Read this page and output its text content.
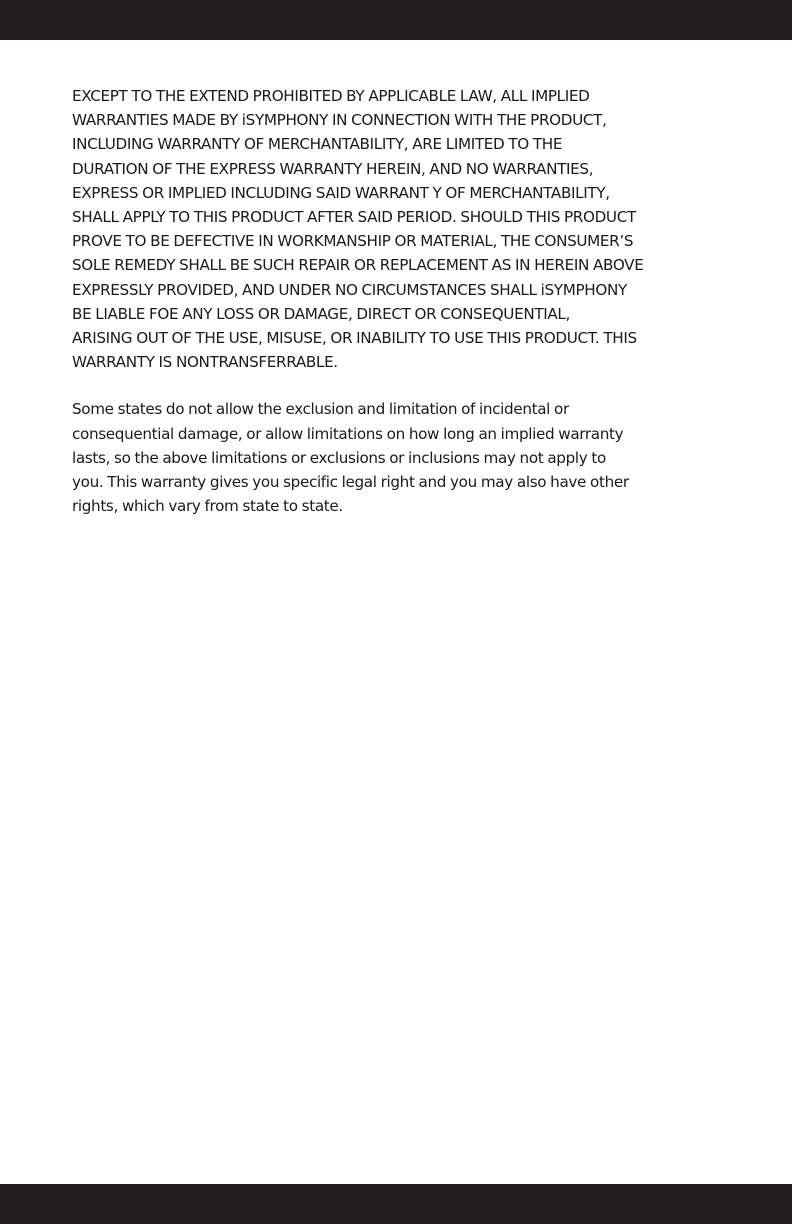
EXCEPT TO THE EXTEND PROHIBITED BY APPLICABLE LAW, ALL IMPLIED
WARRANTIES MADE BY iSYMPHONY IN CONNECTION WITH THE PRODUCT,
INCLUDING WARRANTY OF MERCHANTABILITY, ARE LIMITED TO THE
DURATION OF THE EXPRESS WARRANTY HEREIN, AND NO WARRANTIES,
EXPRESS OR IMPLIED INCLUDING SAID WARRANT Y OF MERCHANTABILITY,
SHALL APPLY TO THIS PRODUCT AFTER SAID PERIOD. SHOULD THIS PRODUCT
PROVE TO BE DEFECTIVE IN WORKMANSHIP OR MATERIAL, THE CONSUMER’S
SOLE REMEDY SHALL BE SUCH REPAIR OR REPLACEMENT AS IN HEREIN ABOVE
EXPRESSLY PROVIDED, AND UNDER NO CIRCUMSTANCES SHALL iSYMPHONY
BE LIABLE FOE ANY LOSS OR DAMAGE, DIRECT OR CONSEQUENTIAL,
ARISING OUT OF THE USE, MISUSE, OR INABILITY TO USE THIS PRODUCT. THIS
WARRANTY IS NONTRANSFERRABLE.

Some states do not allow the exclusion and limitation of incidental or
consequential damage, or allow limitations on how long an implied warranty
lasts, so the above limitations or exclusions or inclusions may not apply to
you. This warranty gives you specific legal right and you may also have other
rights, which vary from state to state.
